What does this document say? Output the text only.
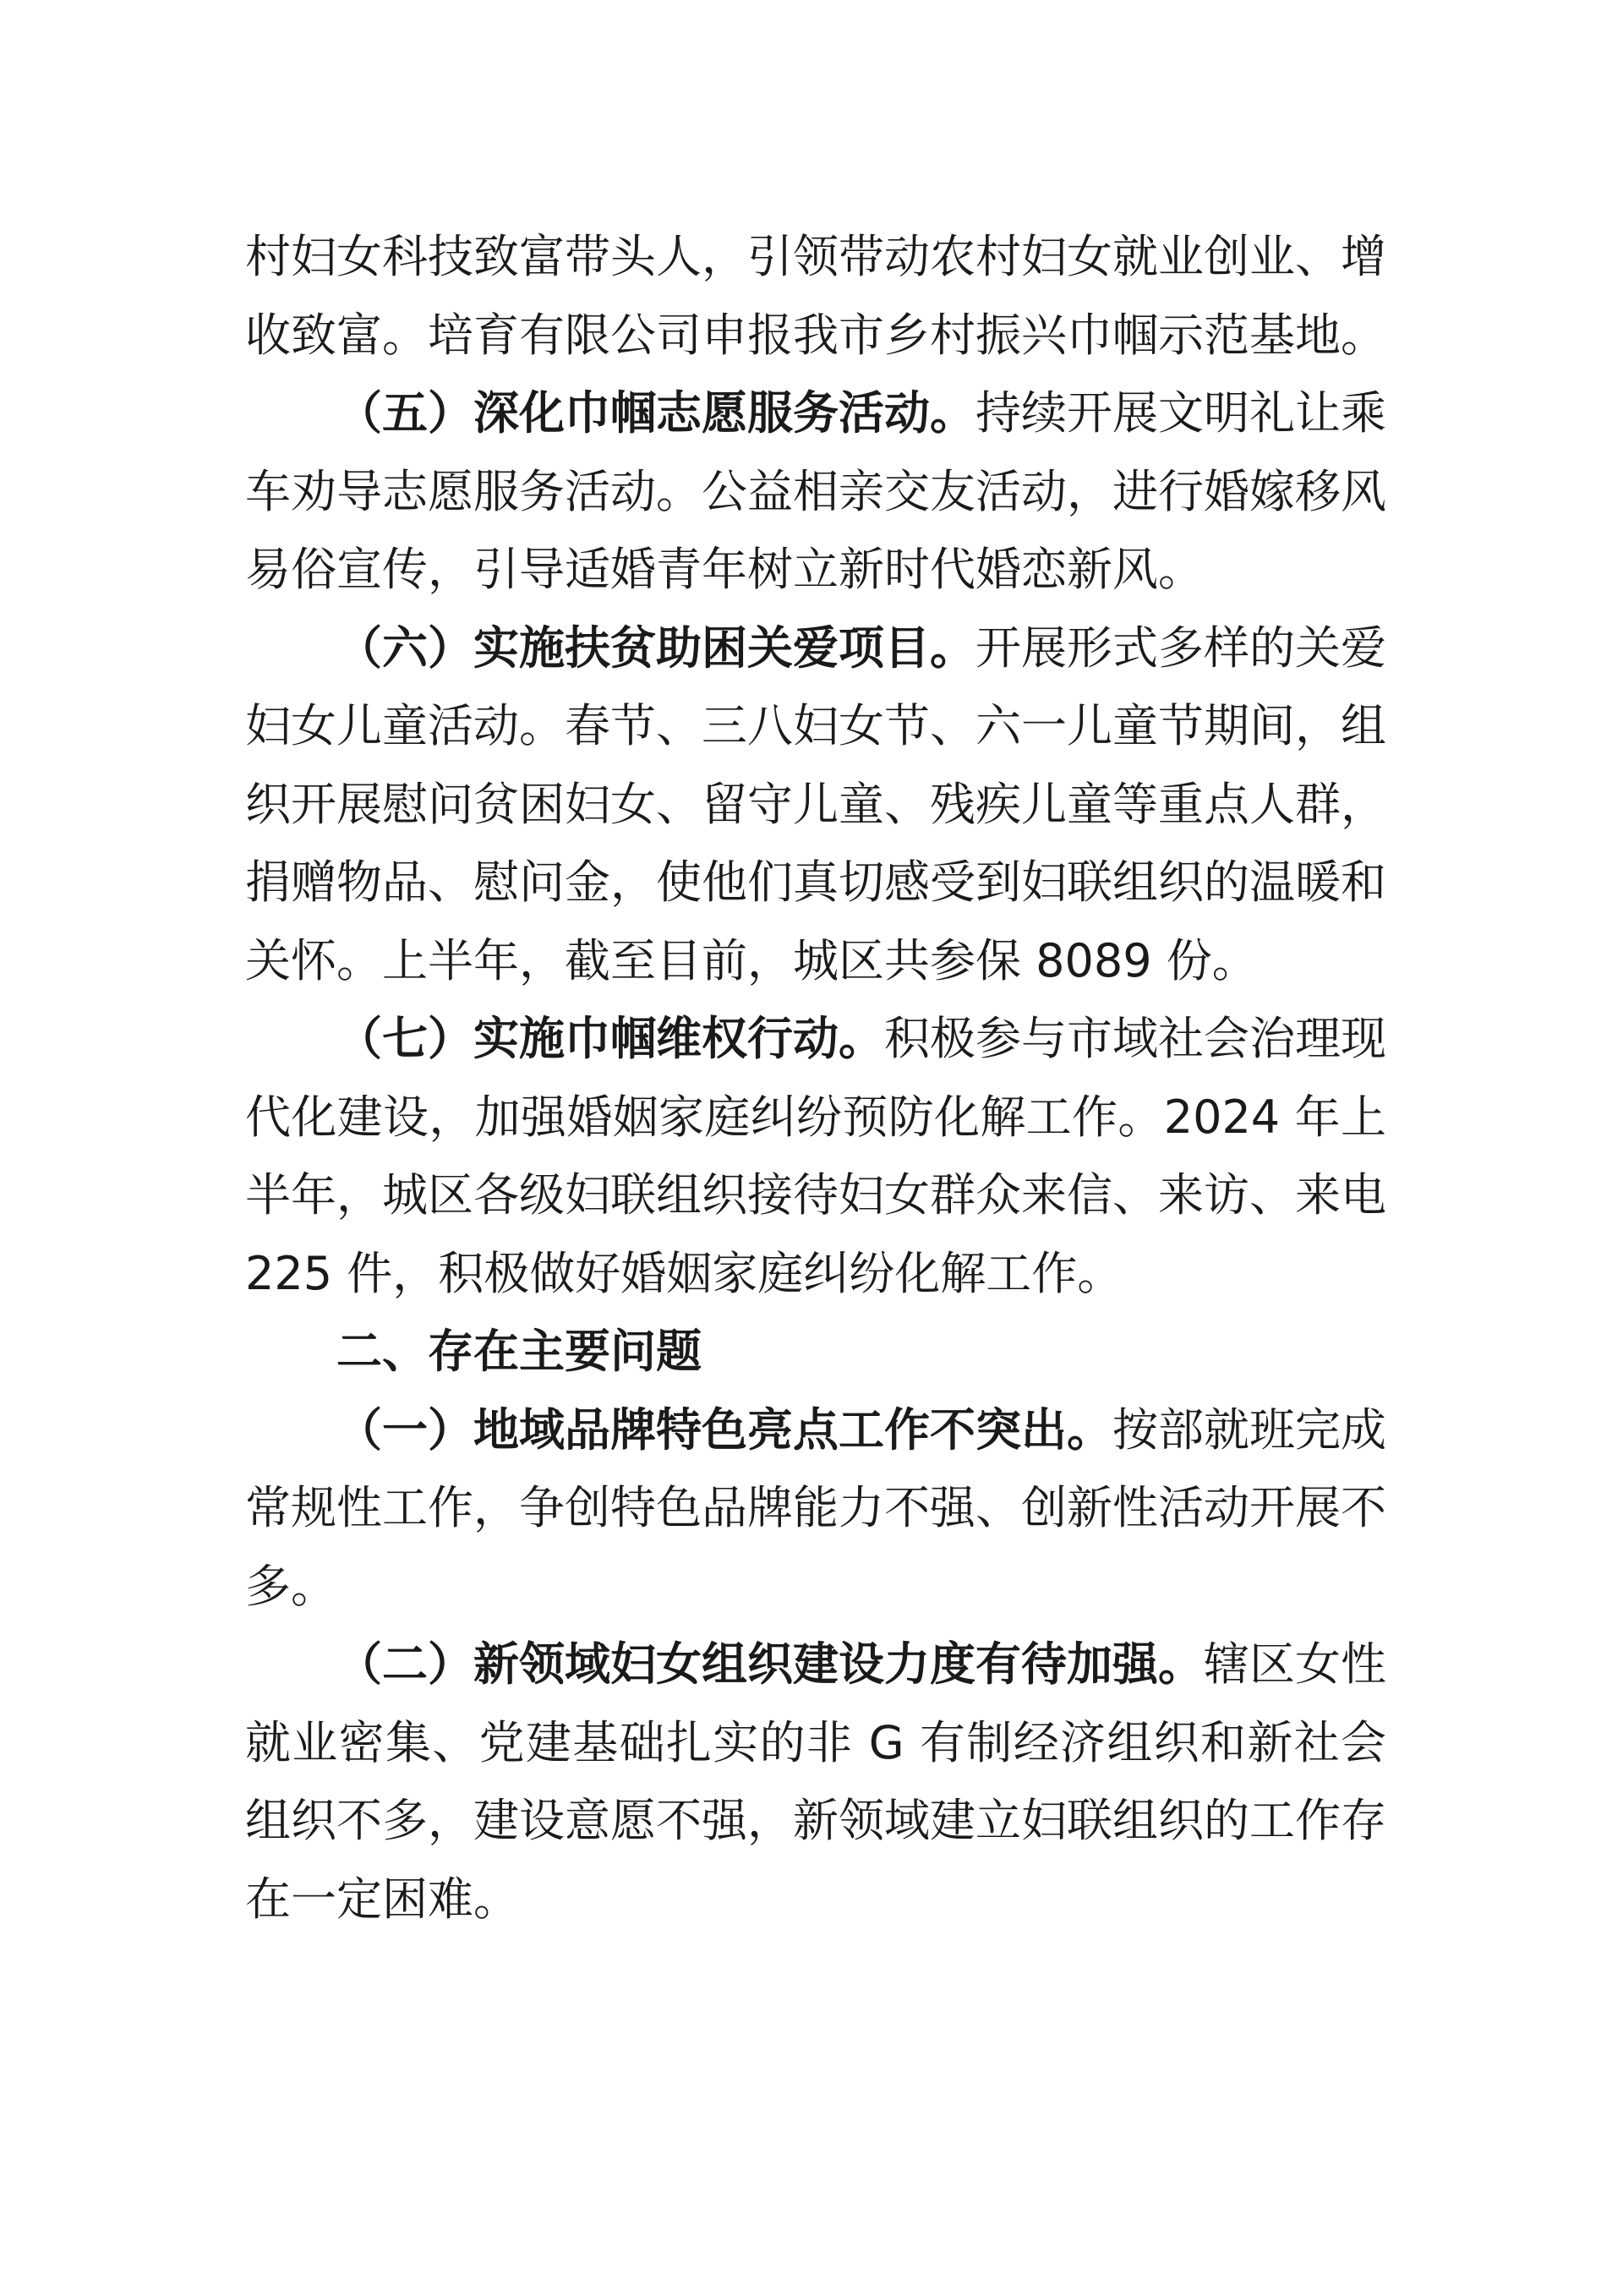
村妇女科技致富带头人，引领带动农村妇女就业创业、增收致富。培育有限公司申报我市乡村振兴巾帼示范基地。

（五）深化巾帼志愿服务活动。持续开展文明礼让乘车劝导志愿服务活动。公益相亲交友活动，进行婚嫁移风易俗宣传，引导适婚青年树立新时代婚恋新风。

（六）实施扶贫助困关爱项目。开展形式多样的关爱妇女儿童活动。春节、三八妇女节、六一儿童节期间，组织开展慰问贫困妇女、留守儿童、残疾儿童等重点人群，捐赠物品、慰问金，使他们真切感受到妇联组织的温暖和关怀。上半年，截至目前，城区共参保 8089 份。

（七）实施巾帼维权行动。积极参与市域社会治理现代化建设，加强婚姻家庭纠纷预防化解工作。2024 年上半年，城区各级妇联组织接待妇女群众来信、来访、来电225 件，积极做好婚姻家庭纠纷化解工作。

二、存在主要问题

（一）地域品牌特色亮点工作不突出。按部就班完成常规性工作，争创特色品牌能力不强、创新性活动开展不多。

（二）新领域妇女组织建设力度有待加强。辖区女性就业密集、党建基础扎实的非 G 有制经济组织和新社会组织不多，建设意愿不强，新领域建立妇联组织的工作存在一定困难。
